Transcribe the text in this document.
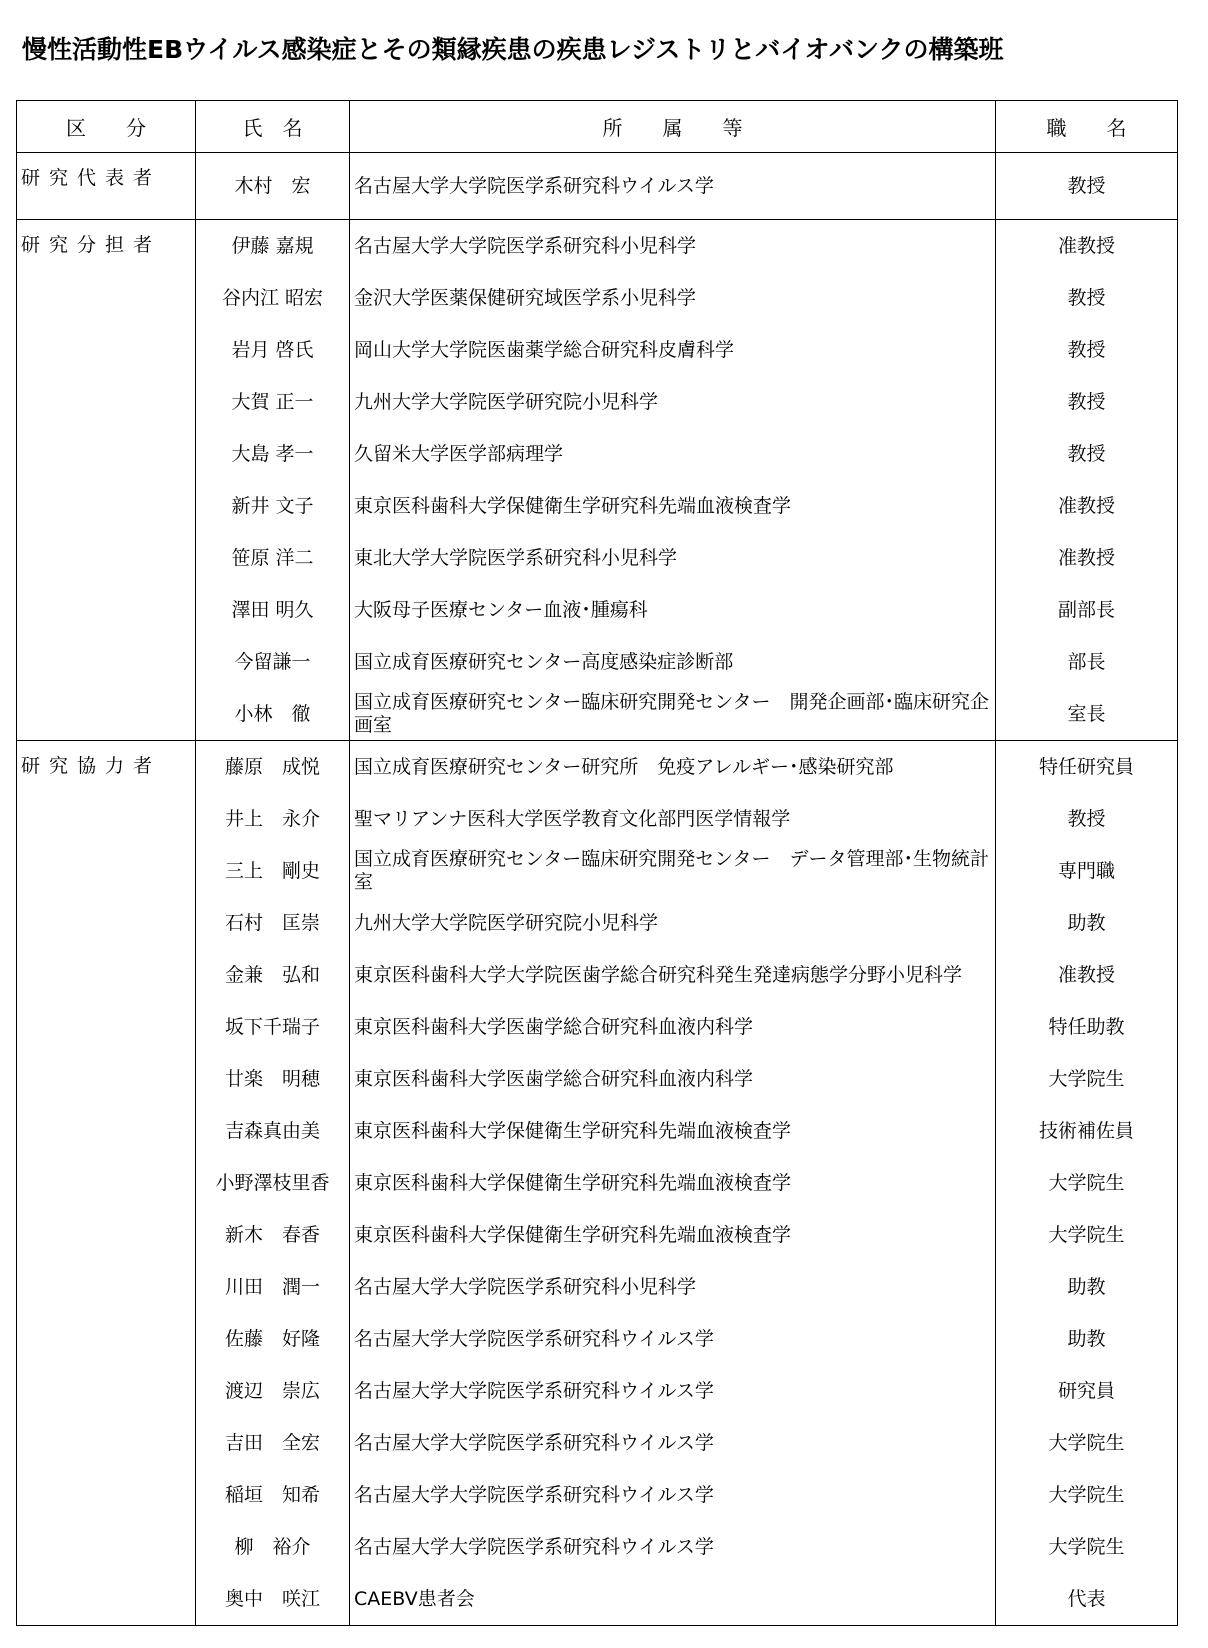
慢性活動性EBウイルス感染症とその類縁疾患の疾患レジストリとバイオバンクの構築班
区　　分	氏　名	所　　属　　等	職　　名
研究代表者	木村　宏	名古屋大学大学院医学系研究科ウイルス学	教授
研究分担者	伊藤 嘉規	名古屋大学大学院医学系研究科小児科学	准教授
	谷内江 昭宏	金沢大学医薬保健研究域医学系小児科学	教授
	岩月 啓氏	岡山大学大学院医歯薬学総合研究科皮膚科学	教授
	大賀 正一	九州大学大学院医学研究院小児科学	教授
	大島 孝一	久留米大学医学部病理学	教授
	新井 文子	東京医科歯科大学保健衛生学研究科先端血液検査学	准教授
	笹原 洋二	東北大学大学院医学系研究科小児科学	准教授
	澤田 明久	大阪母子医療センター血液･腫瘍科	副部長
	今留謙一	国立成育医療研究センター高度感染症診断部	部長
	小林　徹	国立成育医療研究センター臨床研究開発センター　開発企画部･臨床研究企画室	室長
研究協力者	藤原　成悦	国立成育医療研究センター研究所　免疫アレルギー･感染研究部	特任研究員
	井上　永介	聖マリアンナ医科大学医学教育文化部門医学情報学	教授
	三上　剛史	国立成育医療研究センター臨床研究開発センター　データ管理部･生物統計室	専門職
	石村　匡崇	九州大学大学院医学研究院小児科学	助教
	金兼　弘和	東京医科歯科大学大学院医歯学総合研究科発生発達病態学分野小児科学	准教授
	坂下千瑞子	東京医科歯科大学医歯学総合研究科血液内科学	特任助教
	廿楽　明穂	東京医科歯科大学医歯学総合研究科血液内科学	大学院生
	吉森真由美	東京医科歯科大学保健衛生学研究科先端血液検査学	技術補佐員
	小野澤枝里香	東京医科歯科大学保健衛生学研究科先端血液検査学	大学院生
	新木　春香	東京医科歯科大学保健衛生学研究科先端血液検査学	大学院生
	川田　潤一	名古屋大学大学院医学系研究科小児科学	助教
	佐藤　好隆	名古屋大学大学院医学系研究科ウイルス学	助教
	渡辺　崇広	名古屋大学大学院医学系研究科ウイルス学	研究員
	吉田　全宏	名古屋大学大学院医学系研究科ウイルス学	大学院生
	稲垣　知希	名古屋大学大学院医学系研究科ウイルス学	大学院生
	柳　裕介	名古屋大学大学院医学系研究科ウイルス学	大学院生
	奥中　咲江	CAEBV患者会	代表
